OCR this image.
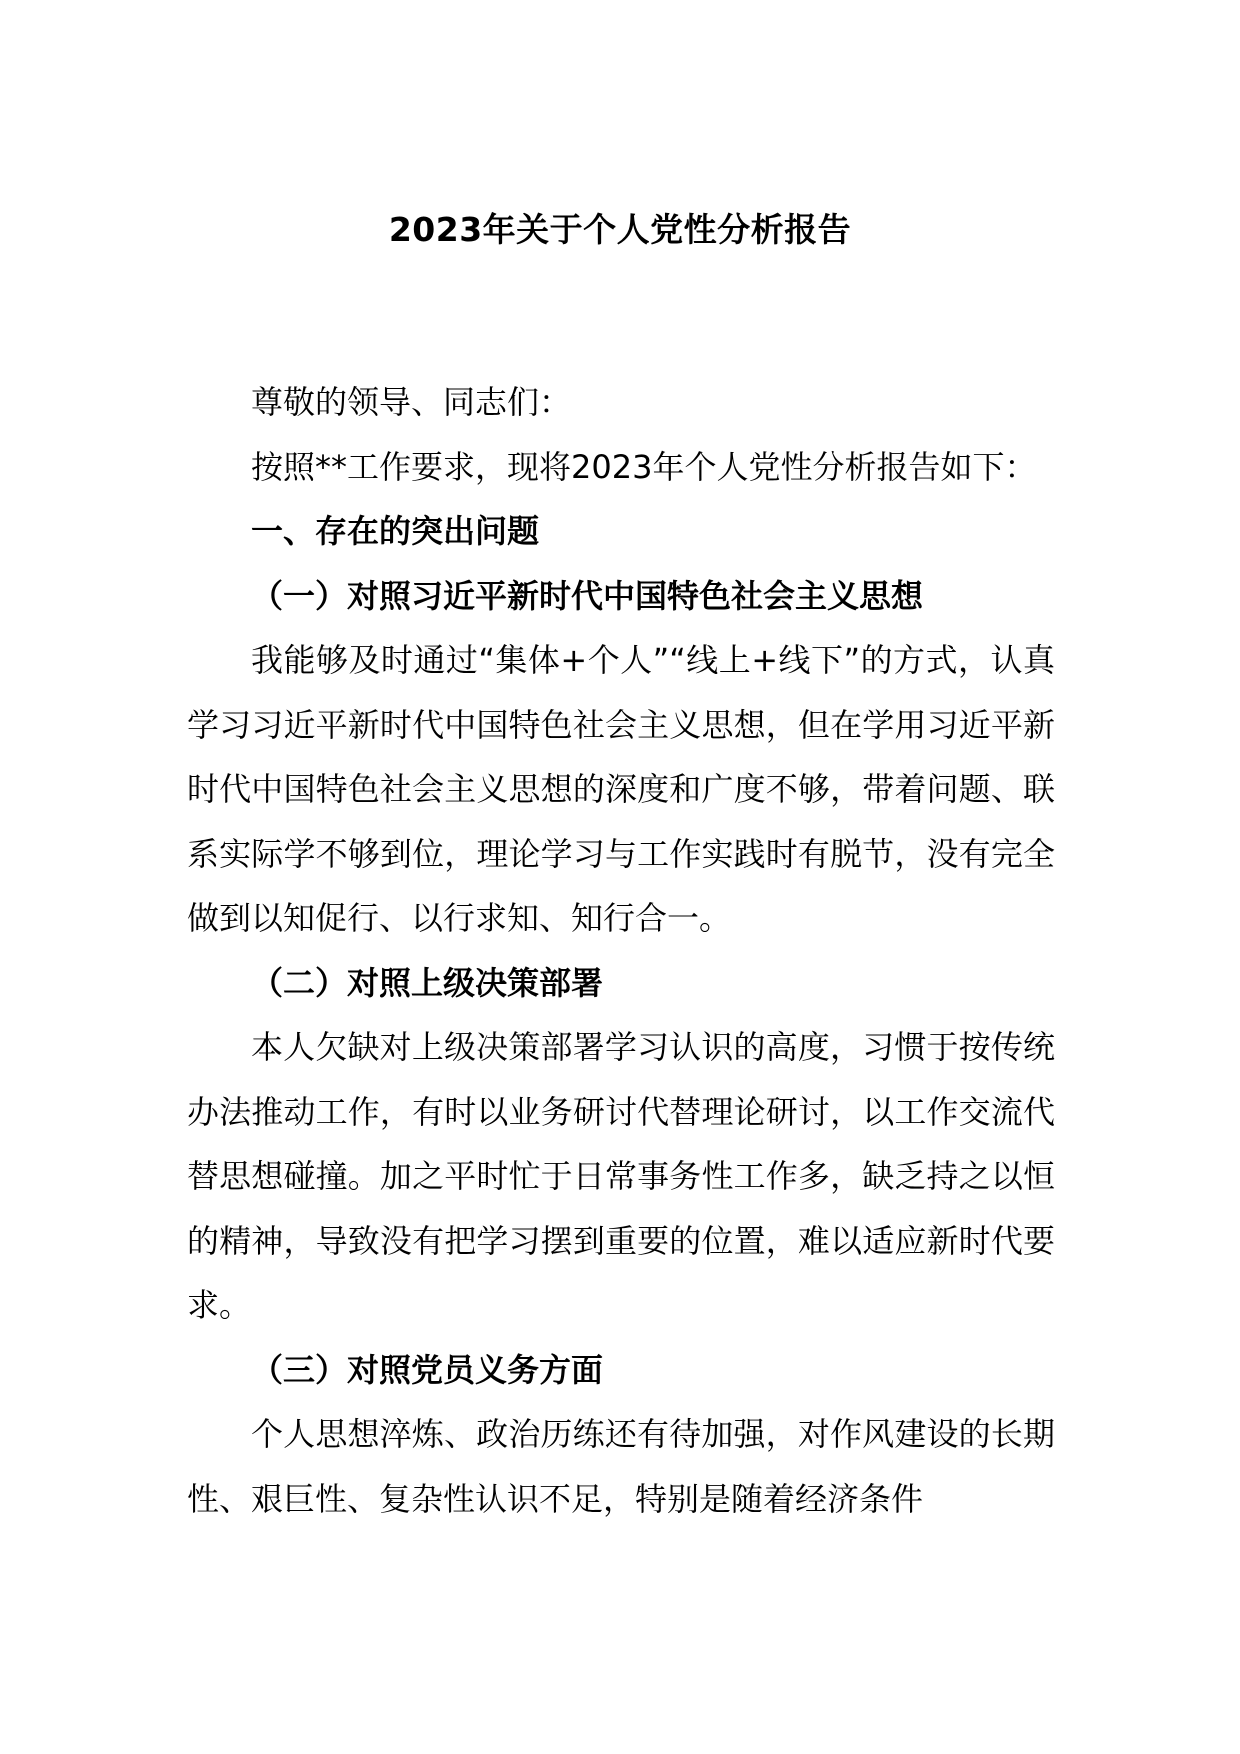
2023年关于个人党性分析报告

尊敬的领导、同志们：

按照**工作要求，现将2023年个人党性分析报告如下：

一、存在的突出问题

（一）对照习近平新时代中国特色社会主义思想

我能够及时通过“集体+个人”“线上+线下”的方式，认真学习习近平新时代中国特色社会主义思想，但在学用习近平新时代中国特色社会主义思想的深度和广度不够，带着问题、联系实际学不够到位，理论学习与工作实践时有脱节，没有完全做到以知促行、以行求知、知行合一。

（二）对照上级决策部署

本人欠缺对上级决策部署学习认识的高度，习惯于按传统办法推动工作，有时以业务研讨代替理论研讨，以工作交流代替思想碰撞。加之平时忙于日常事务性工作多，缺乏持之以恒的精神，导致没有把学习摆到重要的位置，难以适应新时代要求。

（三）对照党员义务方面

个人思想淬炼、政治历练还有待加强，对作风建设的长期性、艰巨性、复杂性认识不足，特别是随着经济条件
